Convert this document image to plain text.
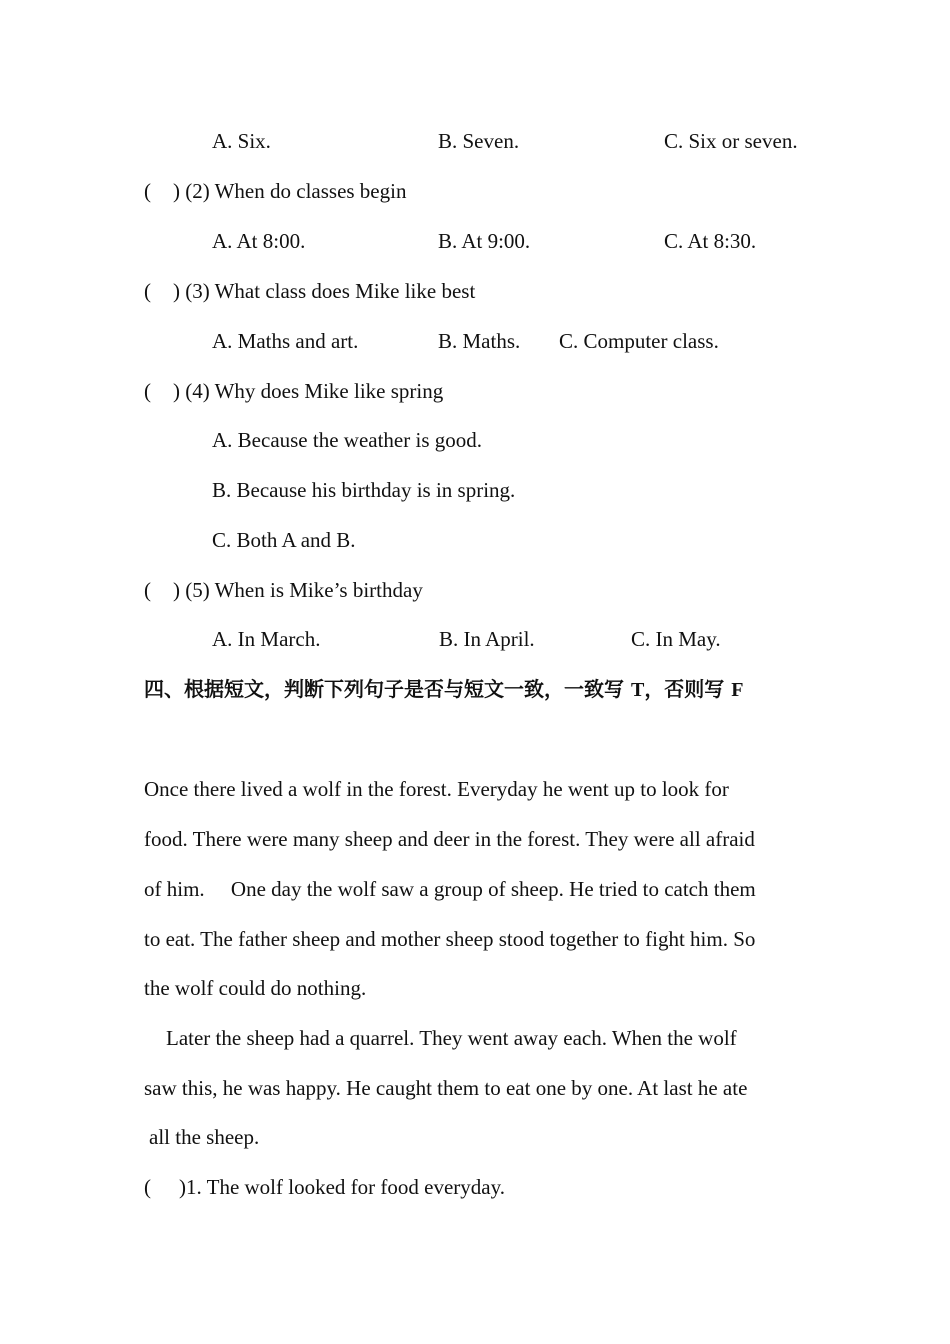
A. Six.	B. Seven.	C. Six or seven.
( ) (2) When do classes begin
A. At 8:00.	B. At 9:00.	C. At 8:30.
( ) (3) What class does Mike like best
A. Maths and art.	B. Maths. C. Computer class.
( ) (4) Why does Mike like spring
A. Because the weather is good.
B. Because his birthday is in spring.
C. Both A and B.
( ) (5) When is Mike’s birthday
A. In March.	B. In April.	C. In May.
四、根据短文，判断下列句子是否与短文一致，一致写 T，否则写 F
Once there lived a wolf in the forest. Everyday he went up to look for
food. There were many sheep and deer in the forest. They were all afraid
of him.     One day the wolf saw a group of sheep. He tried to catch them
to eat. The father sheep and mother sheep stood together to fight him. So
the wolf could do nothing.
Later the sheep had a quarrel. They went away each. When the wolf
saw this, he was happy. He caught them to eat one by one. At last he ate
all the sheep.
( )1. The wolf looked for food everyday.
